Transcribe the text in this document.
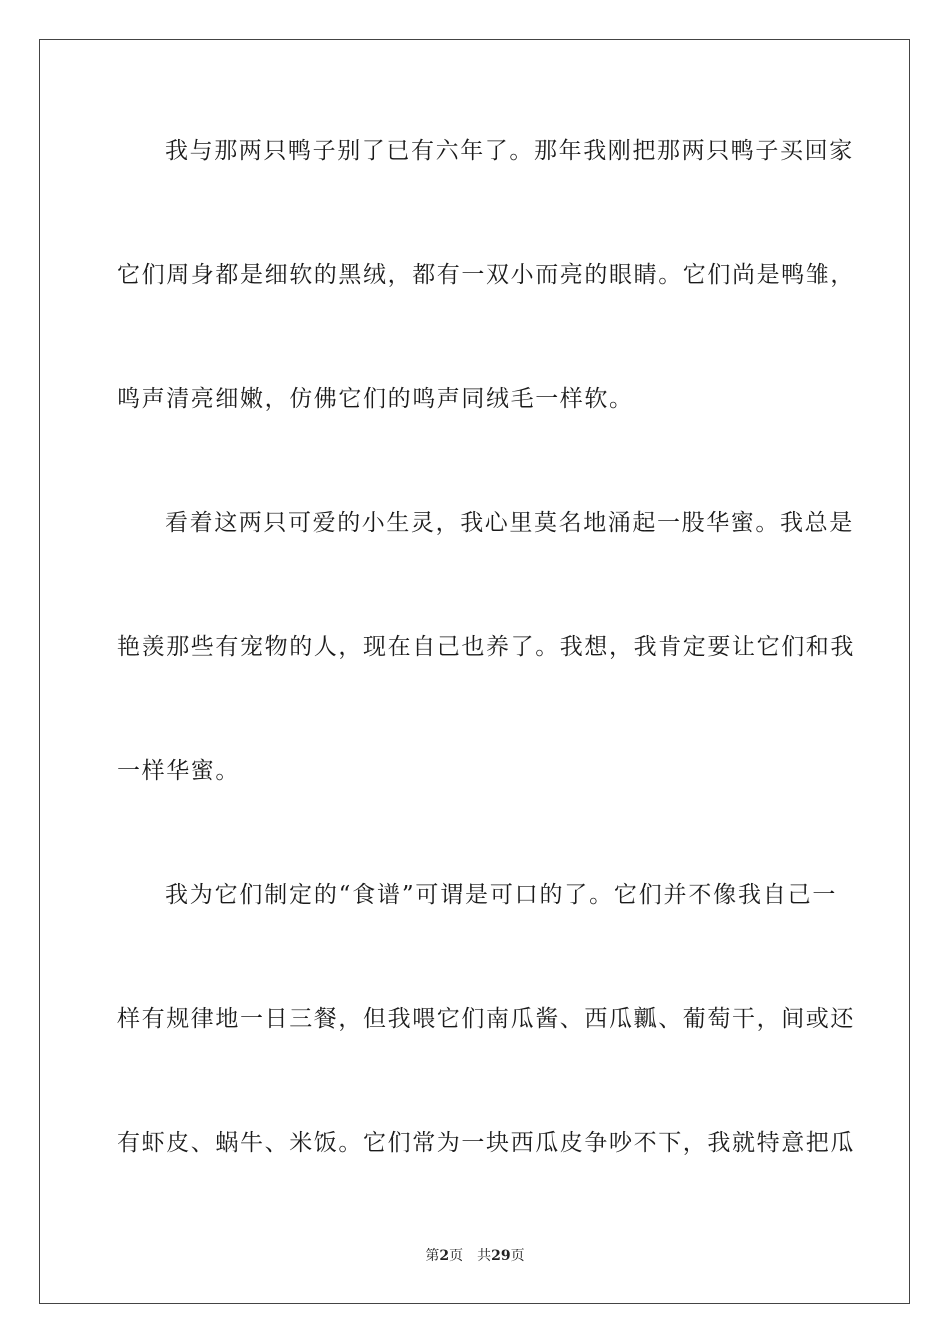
我与那两只鸭子别了已有六年了。那年我刚把那两只鸭子买回家
它们周身都是细软的黑绒，都有一双小而亮的眼睛。它们尚是鸭雏，
鸣声清亮细嫩，仿佛它们的鸣声同绒毛一样软。
看着这两只可爱的小生灵，我心里莫名地涌起一股华蜜。我总是
艳羡那些有宠物的人，现在自己也养了。我想，我肯定要让它们和我
一样华蜜。
我为它们制定的“食谱”可谓是可口的了。它们并不像我自己一
样有规律地一日三餐，但我喂它们南瓜酱、西瓜瓤、葡萄干，间或还
有虾皮、蜗牛、米饭。它们常为一块西瓜皮争吵不下，我就特意把瓜
第2页 共29页
